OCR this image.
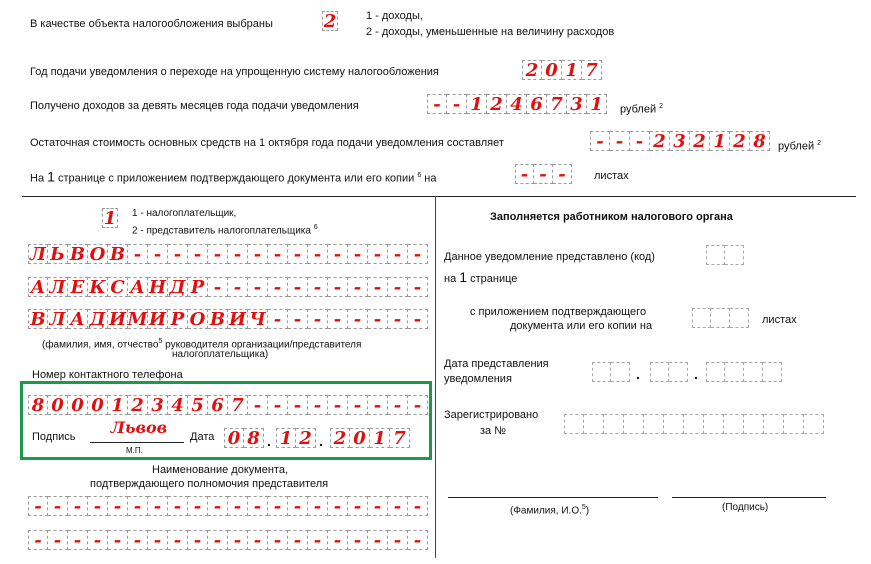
В качестве объекта налогообложения выбраны	2	1 - доходы,
2 - доходы, уменьшенные на величину расходов
Год подачи уведомления о переходе на упрощенную систему налогообложения	2 0 1 7
Получено доходов за девять месяцев года подачи уведомления	- - 1 2 4 6 7 3 1	рублей $^2$
Остаточная стоимость основных средств на 1 октября года подачи уведомления составляет	- - - 2 3 2 1 2 8	рублей $^2$
На 1 странице с приложением подтверждающего документа или его копии $^6$ на	- - -	листах
1 1 - налогоплательщик,
2 - представитель налогоплательщика $^6$
Л Ь В О В - - - - - - - - - - - - - - -
А Л Е К С А Н Д Р - - - - - - - - - - -
В Л А Д И М И Р О В И Ч - - - - - - - -
(фамилия, имя, отчество$^5$ руководителя организации/представителя
налогоплательщика)
Номер контактного телефона
8 0 0 0 1 2 3 4 5 6 7 - - - - - - - - -
Подпись	Львов
М.П.
Дата 0 8 . 1 2 . 2 0 1 7
Наименование документа,
подтверждающего полномочия представителя
- - - - - - - - - - - - - - - - - - - -
- - - - - - - - - - - - - - - - - - - -
Заполняется работником налогового органа
Данное уведомление представлено (код)
на 1 странице
с приложением подтверждающего
документа или его копии на	листах
Дата представления
уведомления	.	.
Зарегистрировано
за №
(Фамилия, И.О.$^5$)	(Подпись)
